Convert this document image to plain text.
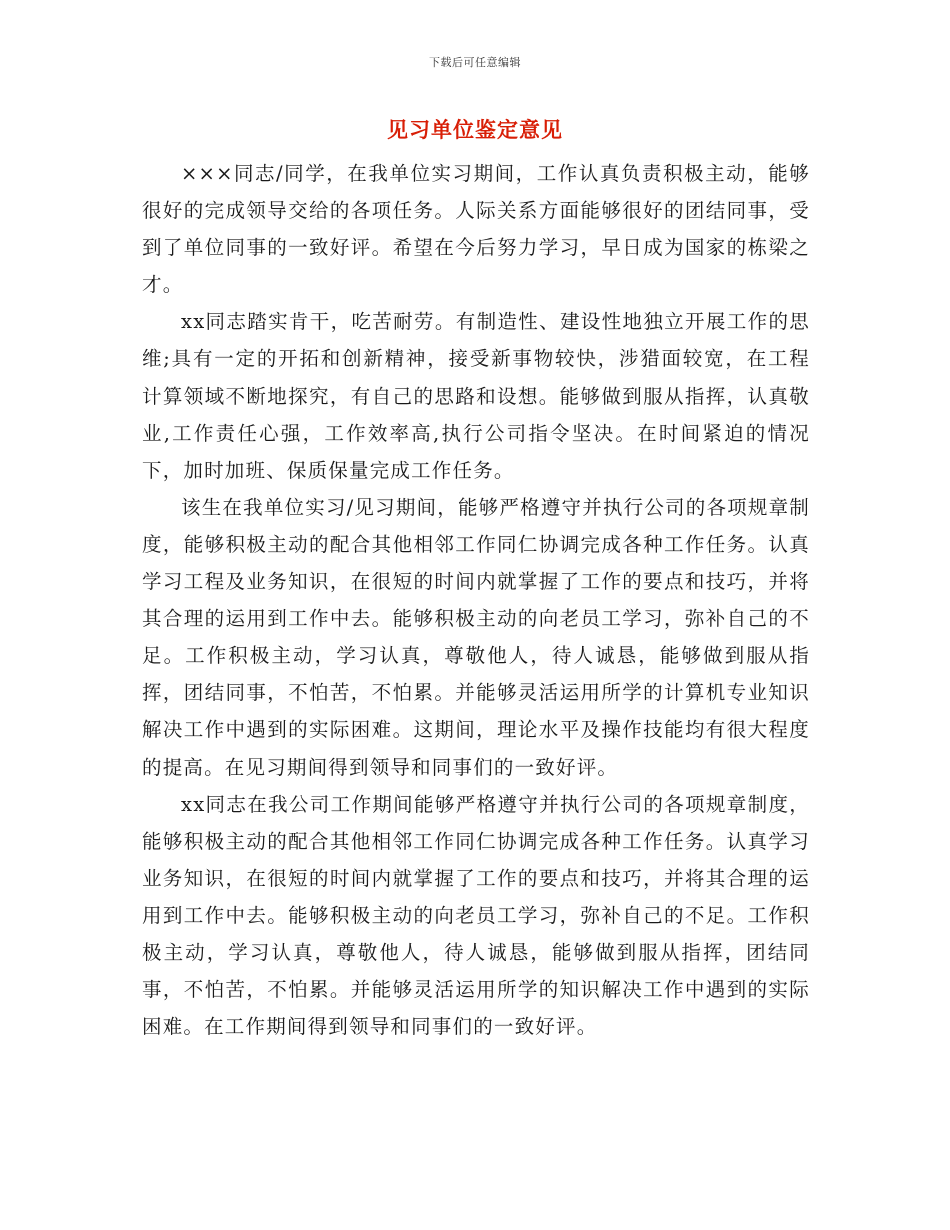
下载后可任意编辑
见习单位鉴定意见

×××同志/同学，在我单位实习期间，工作认真负责积极主动，能够很好的完成领导交给的各项任务。人际关系方面能够很好的团结同事，受到了单位同事的一致好评。希望在今后努力学习，早日成为国家的栋梁之才。

xx同志踏实肯干，吃苦耐劳。有制造性、建设性地独立开展工作的思维;具有一定的开拓和创新精神，接受新事物较快，涉猎面较宽，在工程计算领域不断地探究，有自己的思路和设想。能够做到服从指挥，认真敬业,工作责任心强，工作效率高,执行公司指令坚决。在时间紧迫的情况下，加时加班、保质保量完成工作任务。

该生在我单位实习/见习期间，能够严格遵守并执行公司的各项规章制度，能够积极主动的配合其他相邻工作同仁协调完成各种工作任务。认真学习工程及业务知识，在很短的时间内就掌握了工作的要点和技巧，并将其合理的运用到工作中去。能够积极主动的向老员工学习，弥补自己的不足。工作积极主动，学习认真，尊敬他人，待人诚恳，能够做到服从指挥，团结同事，不怕苦，不怕累。并能够灵活运用所学的计算机专业知识解决工作中遇到的实际困难。这期间，理论水平及操作技能均有很大程度的提高。在见习期间得到领导和同事们的一致好评。

xx同志在我公司工作期间能够严格遵守并执行公司的各项规章制度，能够积极主动的配合其他相邻工作同仁协调完成各种工作任务。认真学习业务知识，在很短的时间内就掌握了工作的要点和技巧，并将其合理的运用到工作中去。能够积极主动的向老员工学习，弥补自己的不足。工作积极主动，学习认真，尊敬他人，待人诚恳，能够做到服从指挥，团结同事，不怕苦，不怕累。并能够灵活运用所学的知识解决工作中遇到的实际困难。在工作期间得到领导和同事们的一致好评。
